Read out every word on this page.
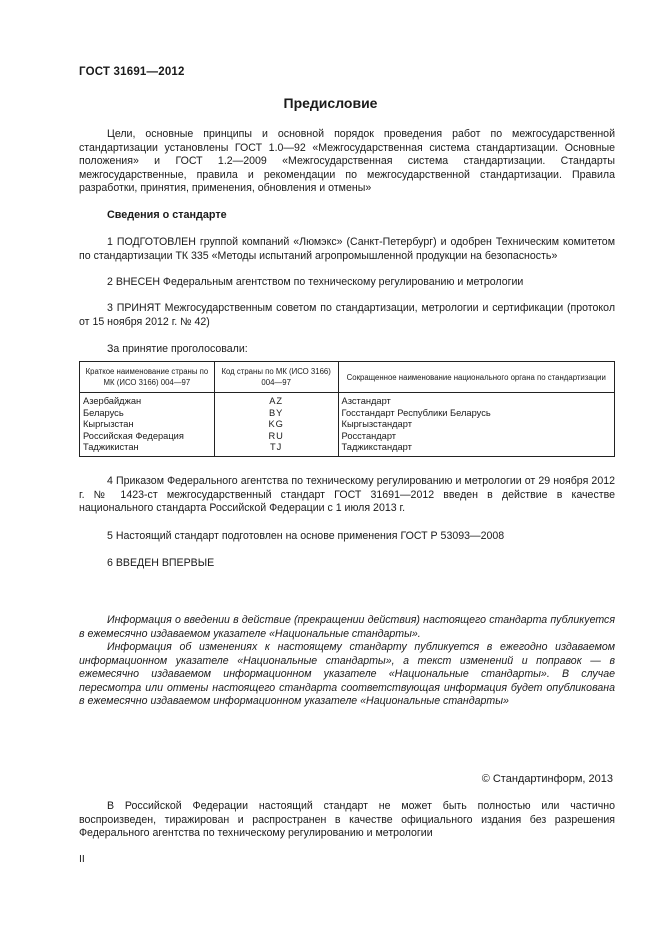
ГОСТ 31691—2012
Предисловие
Цели, основные принципы и основной порядок проведения работ по межгосударственной стандартизации установлены ГОСТ 1.0—92 «Межгосударственная система стандартизации. Основные положения» и ГОСТ 1.2—2009 «Межгосударственная система стандартизации. Стандарты межгосударственные, правила и рекомендации по межгосударственной стандартизации. Правила разработки, принятия, применения, обновления и отмены»
Сведения о стандарте
1 ПОДГОТОВЛЕН группой компаний «Люмэкс» (Санкт-Петербург) и одобрен Техническим комитетом по стандартизации ТК 335 «Методы испытаний агропромышленной продукции на безопасность»
2 ВНЕСЕН Федеральным агентством по техническому регулированию и метрологии
3 ПРИНЯТ Межгосударственным советом по стандартизации, метрологии и сертификации (протокол от 15 ноября 2012 г. № 42)
За принятие проголосовали:
Краткое наименование страны по МК (ИСО 3166) 004—97	Код страны по МК (ИСО 3166) 004—97	Сокращенное наименование национального органа по стандартизации
Азербайджан	AZ	Азстандарт
Беларусь	BY	Госстандарт Республики Беларусь
Кыргызстан	KG	Кыргызстандарт
Российская Федерация	RU	Росстандарт
Таджикистан	TJ	Таджикстандарт
4 Приказом Федерального агентства по техническому регулированию и метрологии от 29 ноября 2012 г. № 1423-ст межгосударственный стандарт ГОСТ 31691—2012 введен в действие в качестве национального стандарта Российской Федерации с 1 июля 2013 г.
5 Настоящий стандарт подготовлен на основе применения ГОСТ Р 53093—2008
6 ВВЕДЕН ВПЕРВЫЕ
Информация о введении в действие (прекращении действия) настоящего стандарта публикуется в ежемесячно издаваемом указателе «Национальные стандарты».
Информация об изменениях к настоящему стандарту публикуется в ежегодно издаваемом информационном указателе «Национальные стандарты», а текст изменений и поправок — в ежемесячно издаваемом информационном указателе «Национальные стандарты». В случае пересмотра или отмены настоящего стандарта соответствующая информация будет опубликована в ежемесячно издаваемом информационном указателе «Национальные стандарты»
© Стандартинформ, 2013
В Российской Федерации настоящий стандарт не может быть полностью или частично воспроизведен, тиражирован и распространен в качестве официального издания без разрешения Федерального агентства по техническому регулированию и метрологии
II
